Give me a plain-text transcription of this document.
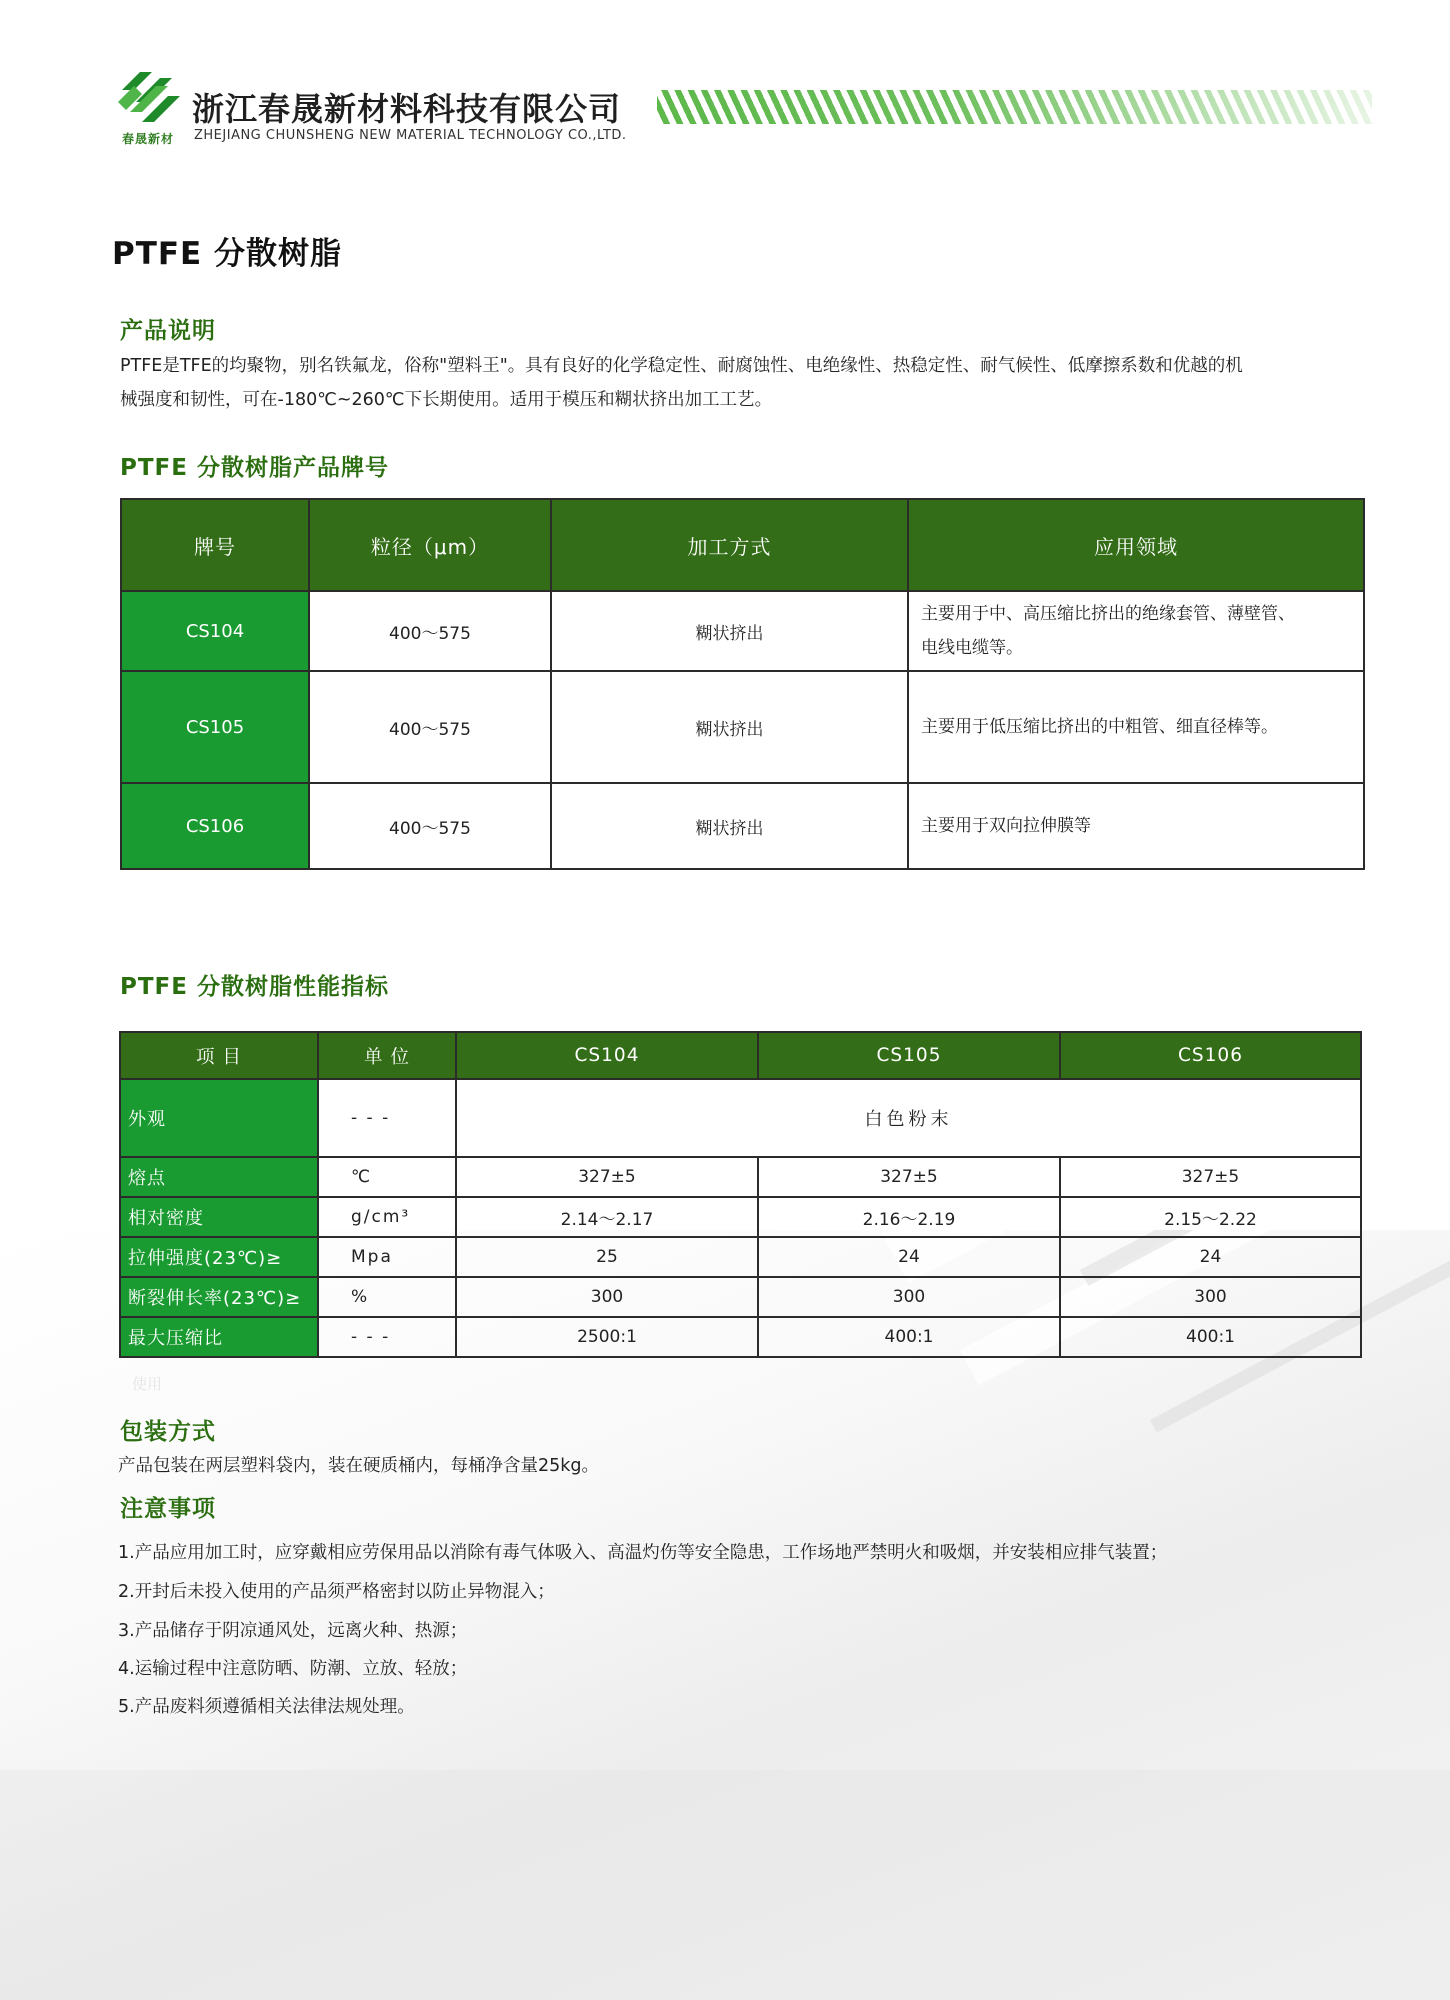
春晟新材
浙江春晟新材料科技有限公司
ZHEJIANG CHUNSHENG NEW MATERIAL TECHNOLOGY CO.,LTD.
PTFE 分散树脂
产品说明
PTFE是TFE的均聚物，别名铁氟龙，俗称"塑料王"。具有良好的化学稳定性、耐腐蚀性、电绝缘性、热稳定性、耐气候性、低摩擦系数和优越的机
械强度和韧性，可在-180℃~260℃下长期使用。适用于模压和糊状挤出加工工艺。
PTFE 分散树脂产品牌号
牌号	粒径（μm）	加工方式	应用领域
CS104	400～575	糊状挤出	主要用于中、高压缩比挤出的绝缘套管、薄壁管、
电线电缆等。

CS105	400～575	糊状挤出	主要用于低压缩比挤出的中粗管、细直径棒等。
CS106	400～575	糊状挤出	主要用于双向拉伸膜等
PTFE 分散树脂性能指标
项 目	单 位	CS104	CS105	CS106
外观	- - -	白色粉末		
熔点	℃	327±5	327±5	327±5
相对密度	g/cm³	2.14～2.17	2.16～2.19	2.15～2.22
拉伸强度(23℃)≥	Mpa	25	24	24
断裂伸长率(23℃)≥	%	300	300	300
最大压缩比	- - -	2500:1	400:1	400:1
使用
包装方式
产品包装在两层塑料袋内，装在硬质桶内，每桶净含量25kg。
注意事项
1.产品应用加工时，应穿戴相应劳保用品以消除有毒气体吸入、高温灼伤等安全隐患，工作场地严禁明火和吸烟，并安装相应排气装置；
2.开封后未投入使用的产品须严格密封以防止异物混入；
3.产品储存于阴凉通风处，远离火种、热源；
4.运输过程中注意防晒、防潮、立放、轻放；
5.产品废料须遵循相关法律法规处理。
